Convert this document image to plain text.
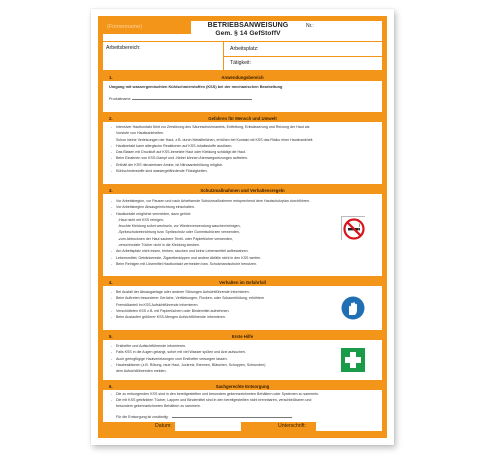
(Firmenname)	BETRIEBSANWEISUNG
Gem. § 14 GefStoffV
Nr.:
Arbeitsbereich:	Arbeitsplatz:
Tätigkeit:
1.	Anwendungsbereich

Umgang mit wassergemischten Kühlschmierstoffen (KSS) bei der mechanischen Bearbeitung

Produktname:

2.	Gefahren für Mensch und Umwelt

- Intensiver Hautkontakt führt zur Zerstörung des Säureschutzmantels, Entfettung, Entwässerung und Reizung der Haut als

Vorstufe von Hautkrankheiten.

Schon kleine Verletzungen der Haut, z.B. durch Metallteilchen, erhöhen bei Kontakt mit KSS das Risiko einer Hautkrankheit.

- Hautkontakt kann allergische Reaktionen auf KSS-Inhaltsstoffe auslösen.

- Das Blasen mit Druckluft auf KSS-benetzte Haut oder Kleidung schädigt die Haut.

- Beim Einatmen von KSS-Dampf und -Nebel können Atemwegsreizungen auftreten.

- Enthält der KSS nitrosierbare Amine, ist Nitrosaminbildung möglich.

- Kühlschmierstoffe sind wassergefährdende Flüssigkeiten.

3.	Schutzmaßnahmen und Verhaltensregeln

- Vor Arbeitsbeginn, vor Pausen und nach Arbeitsende Schutzmaßnahmen entsprechend dem Hautschutzplan durchführen.

- Vor Arbeitsbeginn Absaugeinrichtung einschalten.

- Hautkontakt möglichst vermeiden, dazu gehört:

- Haut nicht mit KSS reinigen,

- feuchte Kleidung sofort wechseln, vor Wiederverwendung waschen/reinigen,

- Spritzschutzeinrichtung bzw. Spritzschutz oder Gummischürzen verwenden,

- zum Abtrocknen der Haut saubere Textil- oder Papiertücher verwenden,

- verschmutzte Tücher nicht in die Kleidung stecken.

- Am Arbeitsplatz nicht essen, trinken, rauchen und keine Lebensmittel aufbewahren.

- Lebensmittel, Getränkereste, Zigarettenkippen und andere Abfälle nicht in den KSS werfen.

- Beim Reinigen mit Lösemittel Hautkontakt vermeiden bzw. Schutzhandschuhe benutzen.

4.	Verhalten im Gefahrfall

- Bei Ausfall der Absauganlage oder anderer Störungen Aufsichtführende informieren.

- Beim Auftreten besonderer Gerüche, Verfärbungen, Flocken- oder Schaumbildung, erhöhtem

Fremdölanteil im KSS Aufsichtführende informieren.

- Verschütteten KSS z.B. mit Papiertüchern oder Bindemittel aufnehmen.

- Beim Auslaufen größerer KSS-Mengen Aufsichtführende informieren.

5.	Erste Hilfe

- Ersthelfer und Aufsichtführende informieren.

- Falls KSS in die Augen gelangt, sofort mit viel Wasser spülen und Arzt aufsuchen.

- Auch geringfügige Hautverletzungen vom Ersthelfer versorgen lassen.

- Hautreaktionen (z.B. Rötung, raue Haut, Juckreiz, Brennen, Bläschen, Schuppen, Schrunden)

dem Aufsichtführenden melden.

6.	Sachgerechte Entsorgung

- Die zu entsorgenden KSS sind in den bereitgestellten und besonders gekennzeichneten Behältern oder Systemen zu sammeln.

- Die mit KSS getränkten Tücher, Lappen und Bindemittel sind in den bereitgestellten nicht brennbaren, verschließbaren und

besonders gekennzeichneten Behältern zu sammeln.

Für die Entsorgung ist zuständig:

Datum:	Unterschrift:
